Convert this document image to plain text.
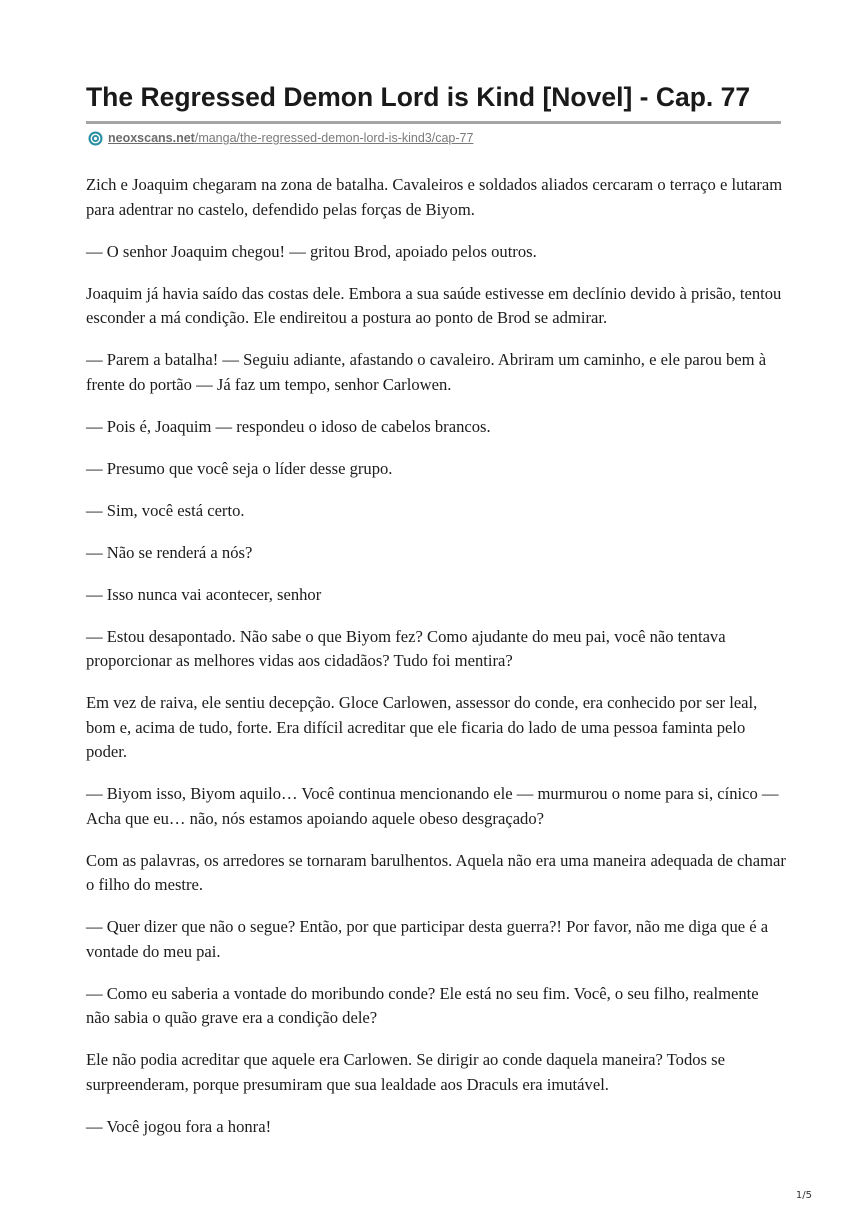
The Regressed Demon Lord is Kind [Novel] - Cap. 77
neoxscans.net /manga/the-regressed-demon-lord-is-kind3/cap-77

Zich e Joaquim chegaram na zona de batalha. Cavaleiros e soldados aliados cercaram o terraço e lutaram para adentrar no castelo, defendido pelas forças de Biyom.

— O senhor Joaquim chegou! — gritou Brod, apoiado pelos outros.

Joaquim já havia saído das costas dele. Embora a sua saúde estivesse em declínio devido à prisão, tentou esconder a má condição. Ele endireitou a postura ao ponto de Brod se admirar.

— Parem a batalha! — Seguiu adiante, afastando o cavaleiro. Abriram um caminho, e ele parou bem à frente do portão — Já faz um tempo, senhor Carlowen.

— Pois é, Joaquim — respondeu o idoso de cabelos brancos.

— Presumo que você seja o líder desse grupo.

— Sim, você está certo.

— Não se renderá a nós?

— Isso nunca vai acontecer, senhor

— Estou desapontado. Não sabe o que Biyom fez? Como ajudante do meu pai, você não tentava proporcionar as melhores vidas aos cidadãos? Tudo foi mentira?

Em vez de raiva, ele sentiu decepção. Gloce Carlowen, assessor do conde, era conhecido por ser leal, bom e, acima de tudo, forte. Era difícil acreditar que ele ficaria do lado de uma pessoa faminta pelo poder.

— Biyom isso, Biyom aquilo… Você continua mencionando ele — murmurou o nome para si, cínico — Acha que eu… não, nós estamos apoiando aquele obeso desgraçado?

Com as palavras, os arredores se tornaram barulhentos. Aquela não era uma maneira adequada de chamar o filho do mestre.

— Quer dizer que não o segue? Então, por que participar desta guerra?! Por favor, não me diga que é a vontade do meu pai.

— Como eu saberia a vontade do moribundo conde? Ele está no seu fim. Você, o seu filho, realmente não sabia o quão grave era a condição dele?

Ele não podia acreditar que aquele era Carlowen. Se dirigir ao conde daquela maneira? Todos se surpreenderam, porque presumiram que sua lealdade aos Draculs era imutável.

— Você jogou fora a honra!

1/5
